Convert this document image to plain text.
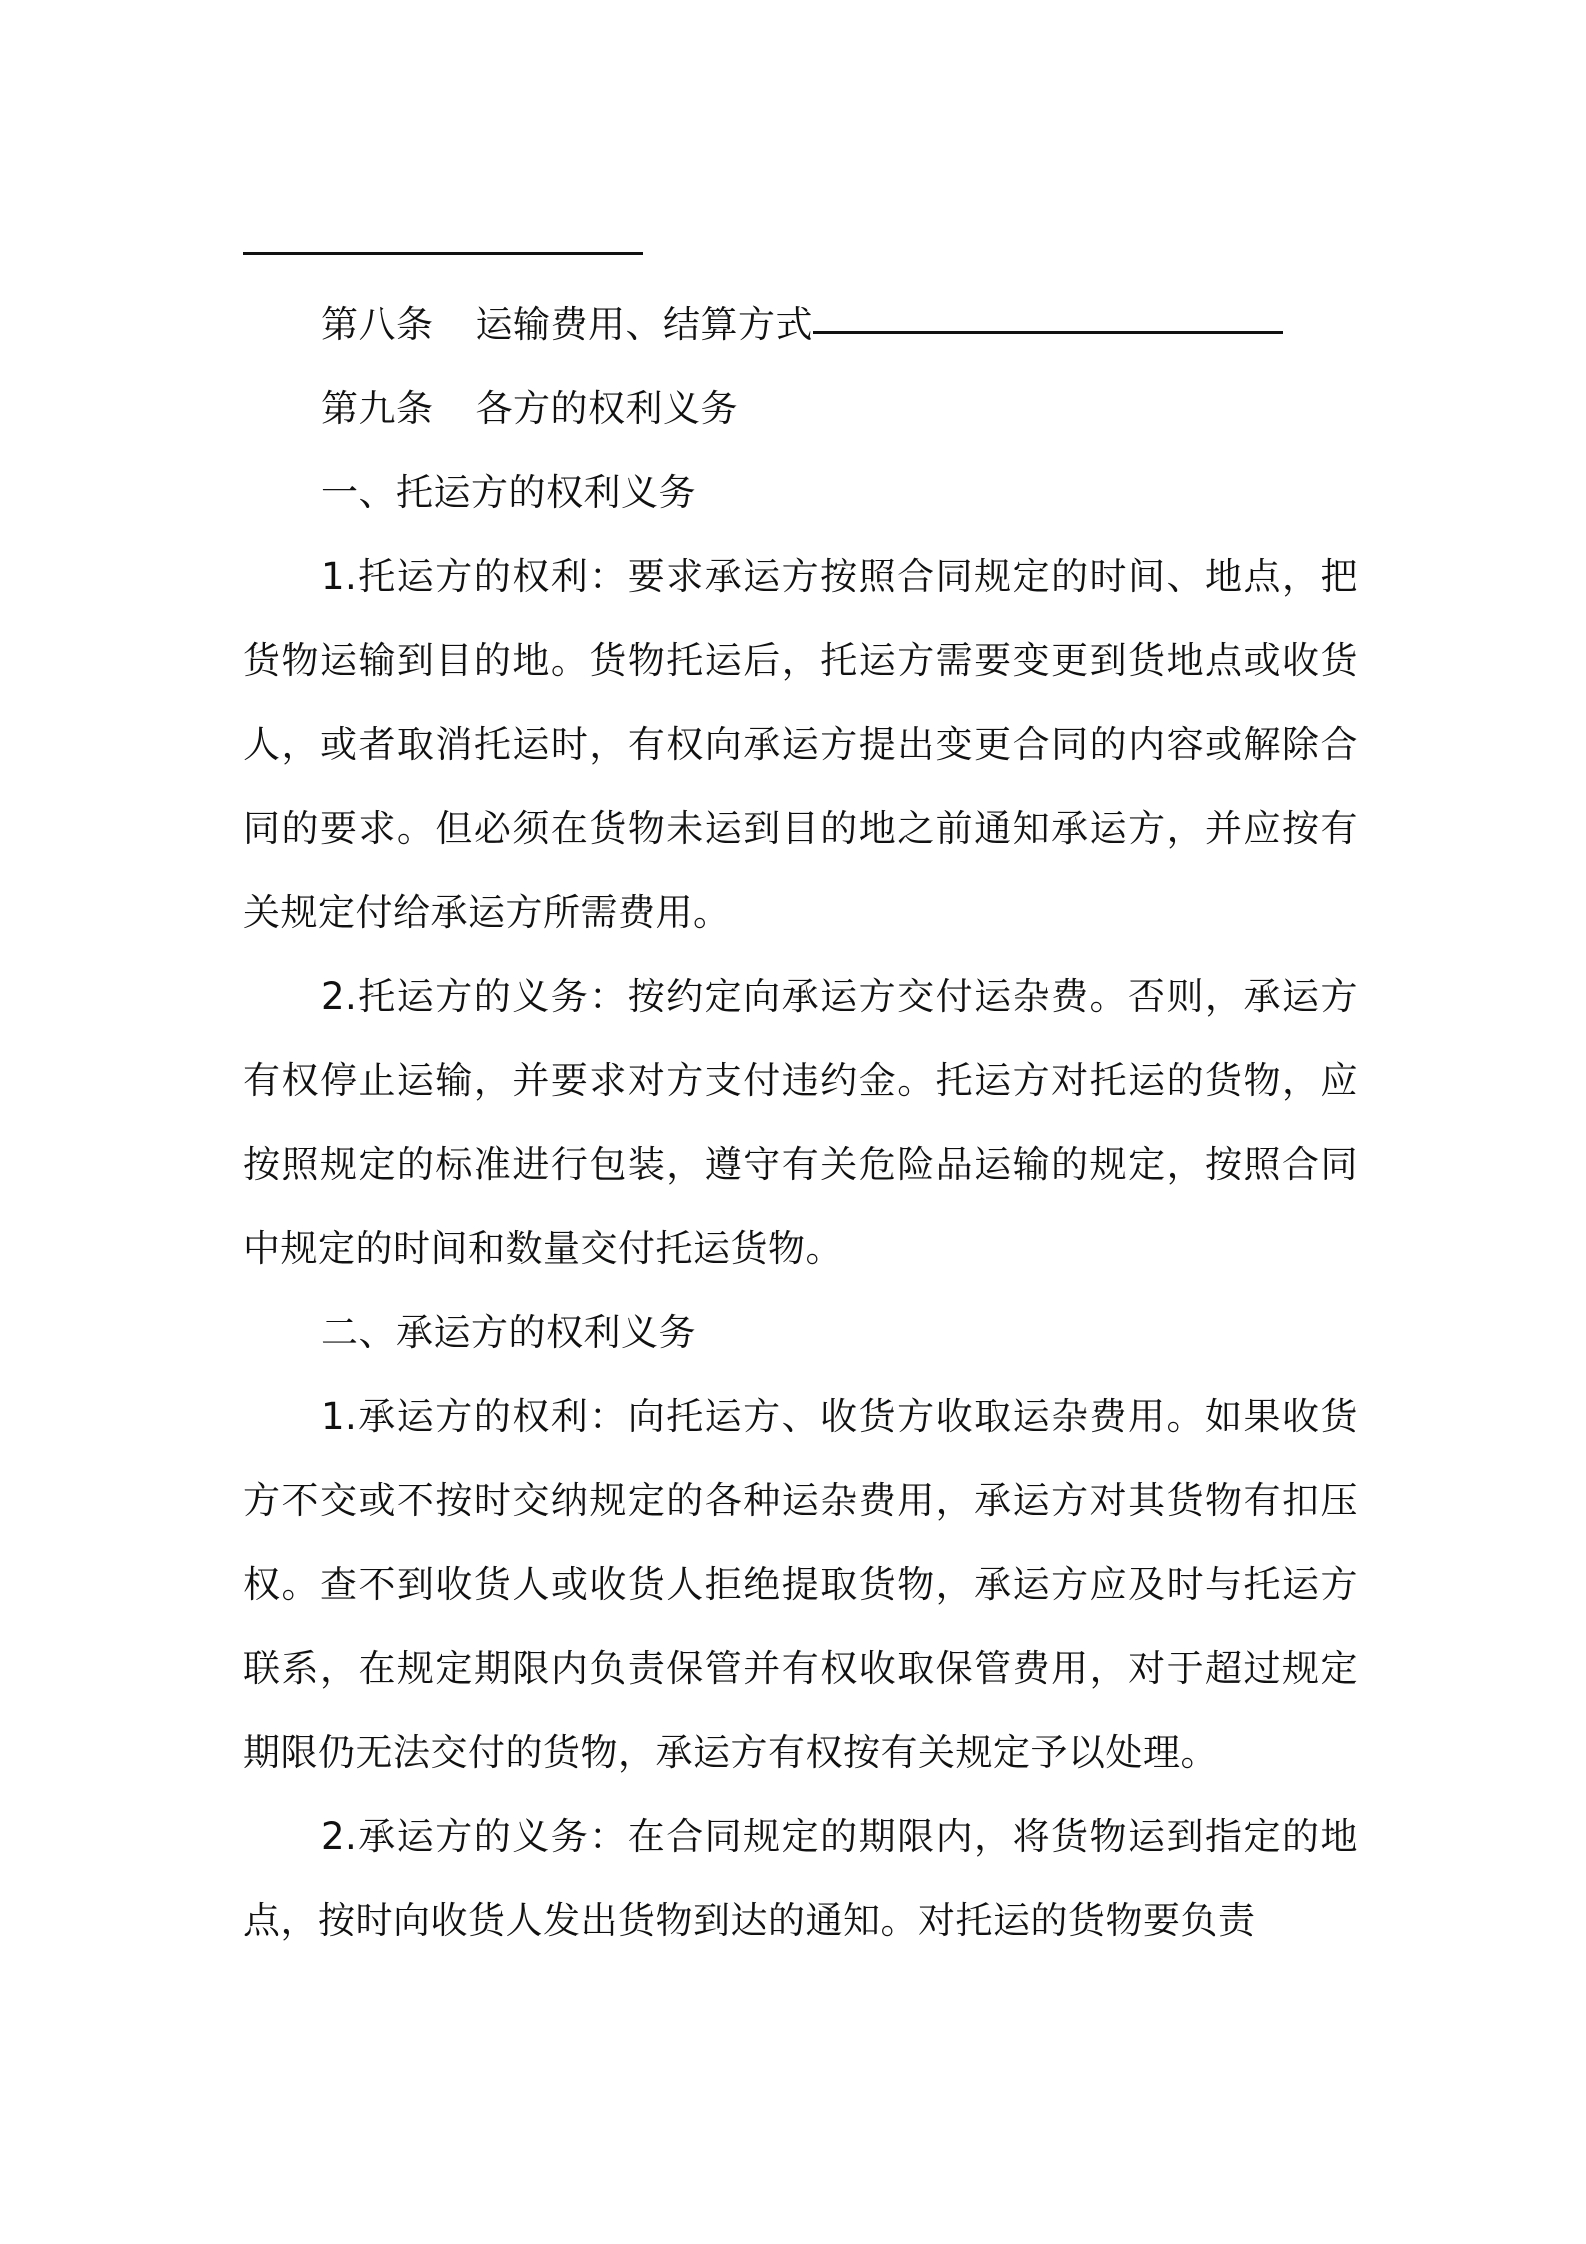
第八条 运输费用、结算方式
第九条 各方的权利义务
一、托运方的权利义务

1.托运方的权利：要求承运方按照合同规定的时间、地点，把货物运输到目的地。货物托运后，托运方需要变更到货地点或收货人，或者取消托运时，有权向承运方提出变更合同的内容或解除合同的要求。但必须在货物未运到目的地之前通知承运方，并应按有关规定付给承运方所需费用。

2.托运方的义务：按约定向承运方交付运杂费。否则，承运方有权停止运输，并要求对方支付违约金。托运方对托运的货物，应按照规定的标准进行包装，遵守有关危险品运输的规定，按照合同中规定的时间和数量交付托运货物。

二、承运方的权利义务

1.承运方的权利：向托运方、收货方收取运杂费用。如果收货方不交或不按时交纳规定的各种运杂费用，承运方对其货物有扣压权。查不到收货人或收货人拒绝提取货物，承运方应及时与托运方联系，在规定期限内负责保管并有权收取保管费用，对于超过规定期限仍无法交付的货物，承运方有权按有关规定予以处理。

2.承运方的义务：在合同规定的期限内，将货物运到指定的地点，按时向收货人发出货物到达的通知。对托运的货物要负责
